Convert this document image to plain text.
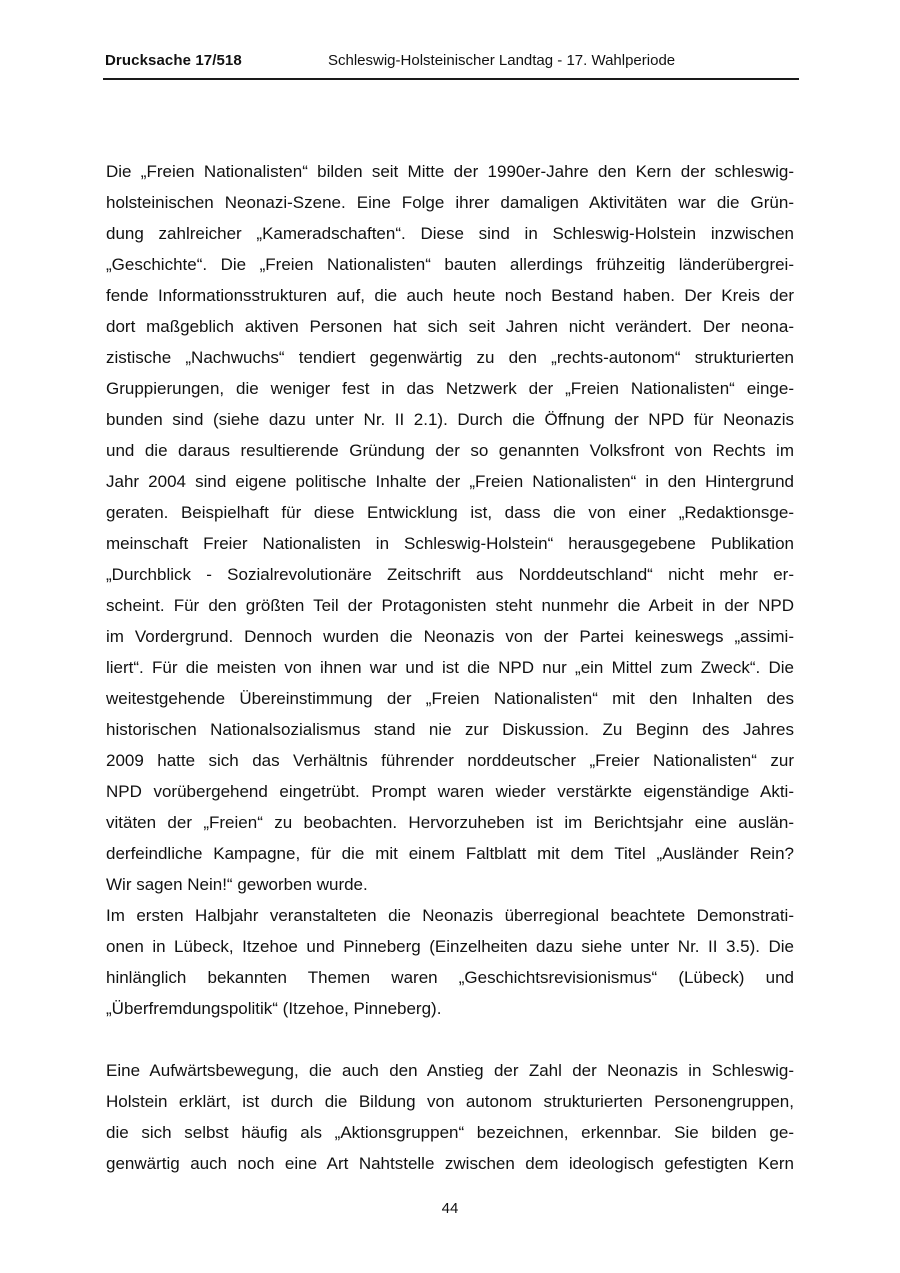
Drucksache 17/518	Schleswig-Holsteinischer Landtag - 17. Wahlperiode
Die „Freien Nationalisten“ bilden seit Mitte der 1990er-Jahre den Kern der schleswig-
holsteinischen Neonazi-Szene. Eine Folge ihrer damaligen Aktivitäten war die Grün-
dung zahlreicher „Kameradschaften“. Diese sind in Schleswig-Holstein inzwischen
„Geschichte“. Die „Freien Nationalisten“ bauten allerdings frühzeitig länderübergrei-
fende Informationsstrukturen auf, die auch heute noch Bestand haben. Der Kreis der
dort maßgeblich aktiven Personen hat sich seit Jahren nicht verändert. Der neona-
zistische „Nachwuchs“ tendiert gegenwärtig zu den „rechts-autonom“ strukturierten
Gruppierungen, die weniger fest in das Netzwerk der „Freien Nationalisten“ einge-
bunden sind (siehe dazu unter Nr. II 2.1). Durch die Öffnung der NPD für Neonazis
und die daraus resultierende Gründung der so genannten Volksfront von Rechts im
Jahr 2004 sind eigene politische Inhalte der „Freien Nationalisten“ in den Hintergrund
geraten. Beispielhaft für diese Entwicklung ist, dass die von einer „Redaktionsge-
meinschaft Freier Nationalisten in Schleswig-Holstein“ herausgegebene Publikation
„Durchblick - Sozialrevolutionäre Zeitschrift aus Norddeutschland“ nicht mehr er-
scheint. Für den größten Teil der Protagonisten steht nunmehr die Arbeit in der NPD
im Vordergrund. Dennoch wurden die Neonazis von der Partei keineswegs „assimi-
liert“. Für die meisten von ihnen war und ist die NPD nur „ein Mittel zum Zweck“. Die
weitestgehende Übereinstimmung der „Freien Nationalisten“ mit den Inhalten des
historischen Nationalsozialismus stand nie zur Diskussion. Zu Beginn des Jahres
2009 hatte sich das Verhältnis führender norddeutscher „Freier Nationalisten“ zur
NPD vorübergehend eingetrübt. Prompt waren wieder verstärkte eigenständige Akti-
vitäten der „Freien“ zu beobachten. Hervorzuheben ist im Berichtsjahr eine auslän-
derfeindliche Kampagne, für die mit einem Faltblatt mit dem Titel „Ausländer Rein?
Wir sagen Nein!“ geworben wurde.
Im ersten Halbjahr veranstalteten die Neonazis überregional beachtete Demonstrati-
onen in Lübeck, Itzehoe und Pinneberg (Einzelheiten dazu siehe unter Nr. II 3.5). Die
hinlänglich bekannten Themen waren „Geschichtsrevisionismus“ (Lübeck) und
„Überfremdungspolitik“ (Itzehoe, Pinneberg).
Eine Aufwärtsbewegung, die auch den Anstieg der Zahl der Neonazis in Schleswig-
Holstein erklärt, ist durch die Bildung von autonom strukturierten Personengruppen,
die sich selbst häufig als „Aktionsgruppen“ bezeichnen, erkennbar. Sie bilden ge-
genwärtig auch noch eine Art Nahtstelle zwischen dem ideologisch gefestigten Kern
44
